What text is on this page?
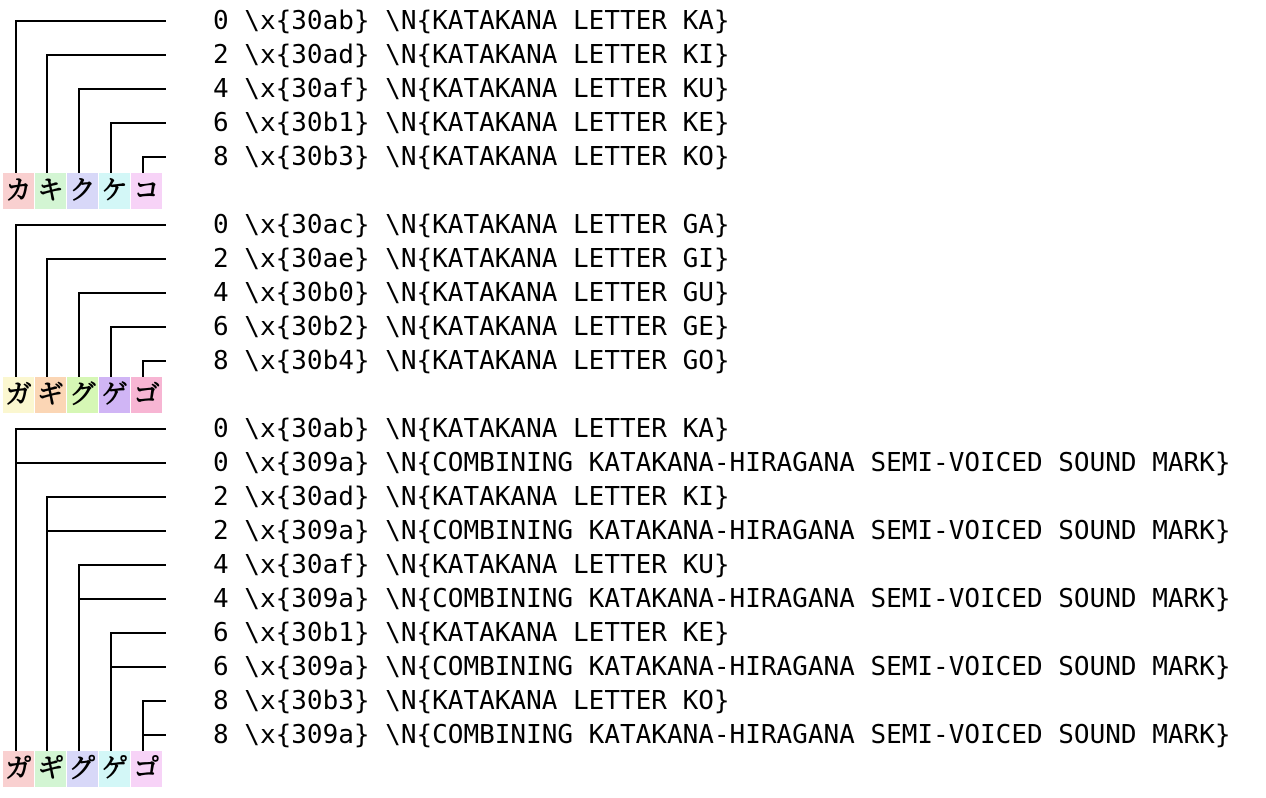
0 \x{30ab} \N{KATAKANA LETTER KA}
2 \x{30ad} \N{KATAKANA LETTER KI}
4 \x{30af} \N{KATAKANA LETTER KU}
6 \x{30b1} \N{KATAKANA LETTER KE}
8 \x{30b3} \N{KATAKANA LETTER KO}
カ キ ク ケ コ
0 \x{30ac} \N{KATAKANA LETTER GA}
2 \x{30ae} \N{KATAKANA LETTER GI}
4 \x{30b0} \N{KATAKANA LETTER GU}
6 \x{30b2} \N{KATAKANA LETTER GE}
8 \x{30b4} \N{KATAKANA LETTER GO}
ガ ギ グ ゲ ゴ
0 \x{30ab} \N{KATAKANA LETTER KA}
0 \x{309a} \N{COMBINING KATAKANA-HIRAGANA SEMI-VOICED SOUND MARK}
2 \x{30ad} \N{KATAKANA LETTER KI}
2 \x{309a} \N{COMBINING KATAKANA-HIRAGANA SEMI-VOICED SOUND MARK}
4 \x{30af} \N{KATAKANA LETTER KU}
4 \x{309a} \N{COMBINING KATAKANA-HIRAGANA SEMI-VOICED SOUND MARK}
6 \x{30b1} \N{KATAKANA LETTER KE}
6 \x{309a} \N{COMBINING KATAKANA-HIRAGANA SEMI-VOICED SOUND MARK}
8 \x{30b3} \N{KATAKANA LETTER KO}
8 \x{309a} \N{COMBINING KATAKANA-HIRAGANA SEMI-VOICED SOUND MARK}
カ゚ キ゚ ク゚ ケ゚ コ゚
